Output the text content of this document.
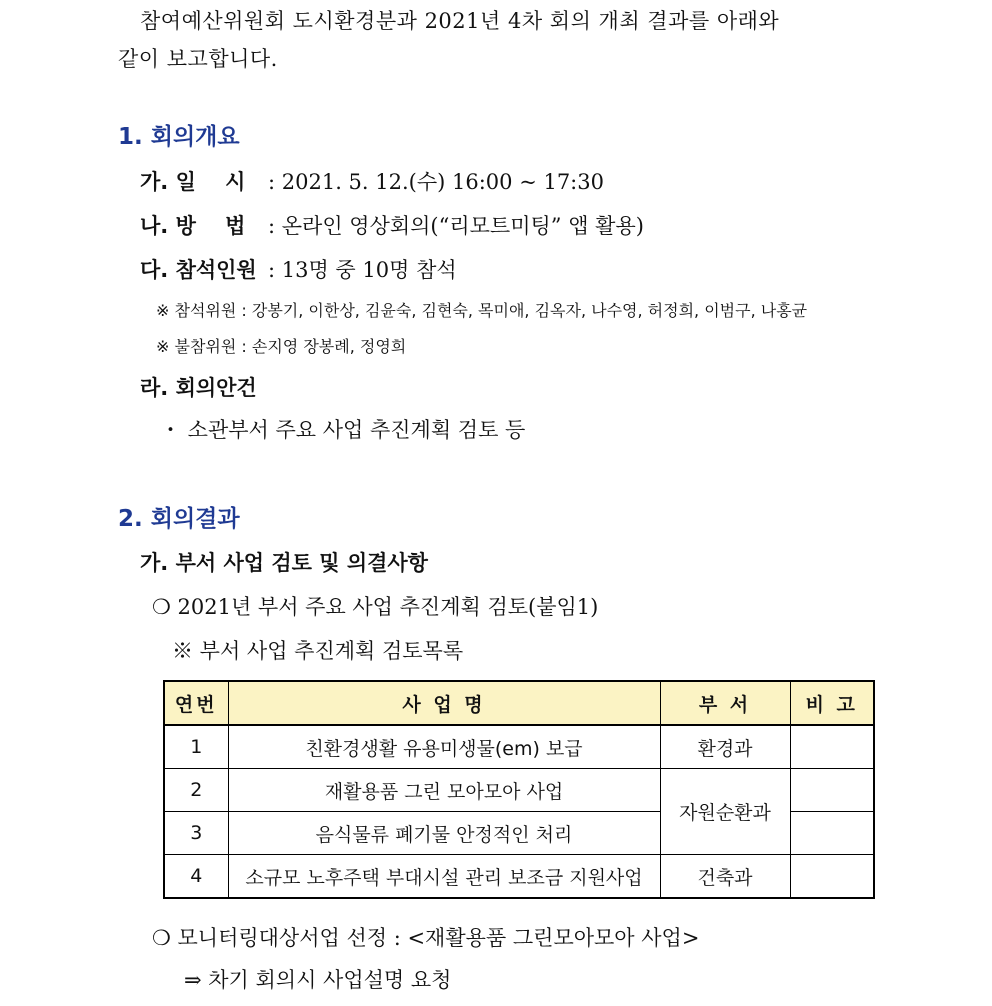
참여예산위원회 도시환경분과 2021년 4차 회의 개최 결과를 아래와
같이 보고합니다.
1. 회의개요
가. 일    시 : 2021. 5. 12.(수) 16:00 ~ 17:30
나. 방    법 : 온라인 영상회의(“리모트미팅” 앱 활용)
다. 참석인원 : 13명 중 10명 참석
※ 참석위원 : 강봉기, 이한상, 김윤숙, 김현숙, 목미애, 김옥자, 나수영, 허정희, 이범구, 나홍균
※ 불참위원 : 손지영 장봉례, 정영희
라. 회의안건
・ 소관부서 주요 사업 추진계획 검토 등
2. 회의결과
가. 부서 사업 검토 및 의결사항
❍ 2021년 부서 주요 사업 추진계획 검토(붙임1)
※ 부서 사업 추진계획 검토목록
연번	사 업 명	부 서	비 고
1	친환경생활 유용미생물(em) 보급	환경과	
2	재활용품 그린 모아모아 사업	자원순환과	
3	음식물류 폐기물 안정적인 처리		
4	소규모 노후주택 부대시설 관리 보조금 지원사업	건축과	
❍ 모니터링대상서업 선정 : <재활용품 그린모아모아 사업>
⇒ 차기 회의시 사업설명 요청
